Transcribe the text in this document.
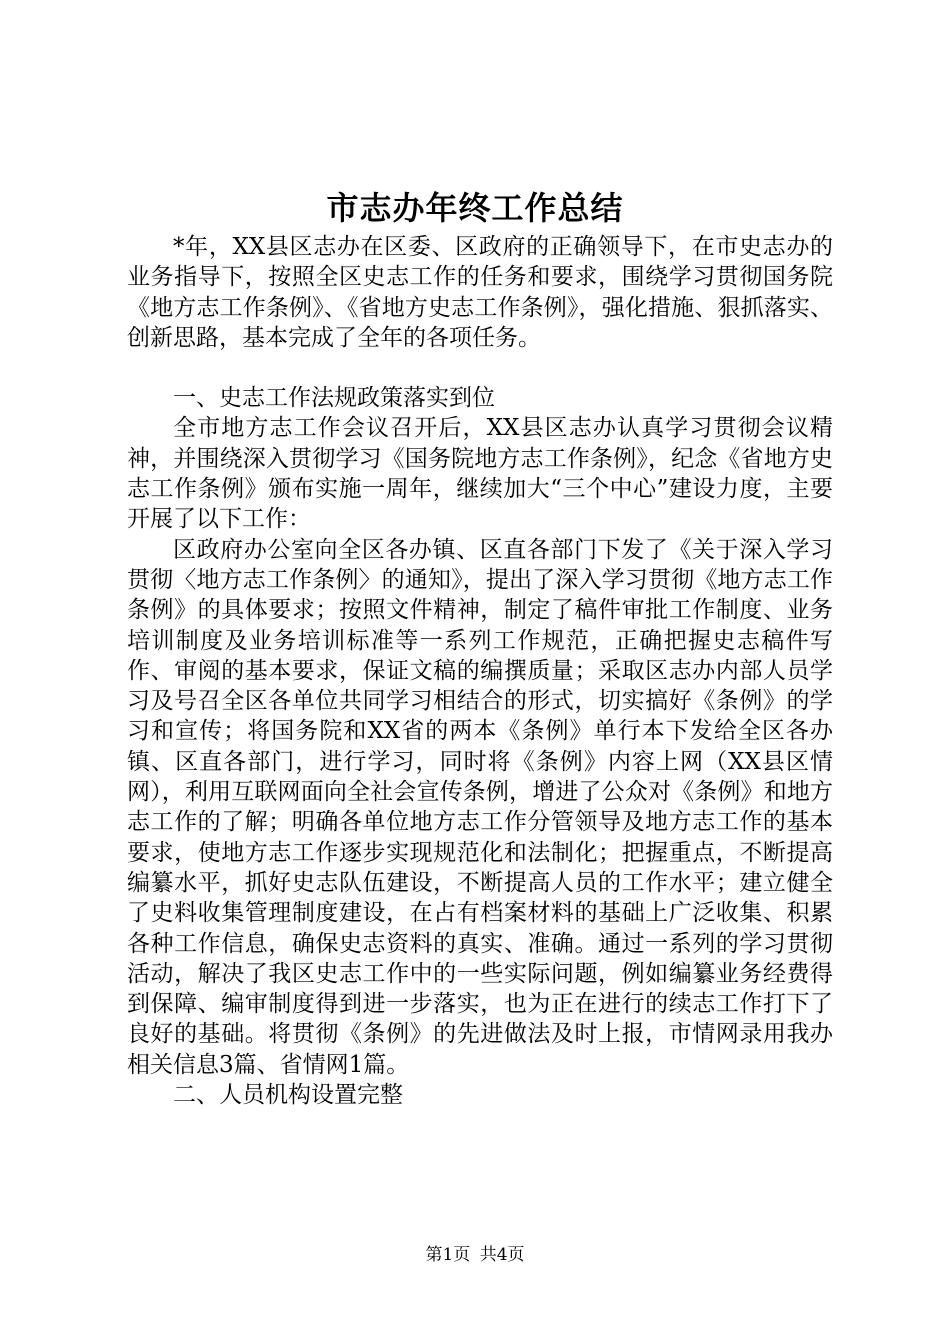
市志办年终工作总结

*年，XX县区志办在区委、区政府的正确领导下，在市史志办的业务指导下，按照全区史志工作的任务和要求，围绕学习贯彻国务院《地方志工作条例》、《省地方史志工作条例》，强化措施、狠抓落实、创新思路，基本完成了全年的各项任务。

一、史志工作法规政策落实到位

全市地方志工作会议召开后，XX县区志办认真学习贯彻会议精神，并围绕深入贯彻学习《国务院地方志工作条例》，纪念《省地方史志工作条例》颁布实施一周年，继续加大“三个中心”建设力度，主要开展了以下工作：

区政府办公室向全区各办镇、区直各部门下发了《关于深入学习贯彻〈地方志工作条例〉的通知》，提出了深入学习贯彻《地方志工作条例》的具体要求；按照文件精神，制定了稿件审批工作制度、业务培训制度及业务培训标准等一系列工作规范，正确把握史志稿件写作、审阅的基本要求，保证文稿的编撰质量；采取区志办内部人员学习及号召全区各单位共同学习相结合的形式，切实搞好《条例》的学习和宣传；将国务院和XX省的两本《条例》单行本下发给全区各办镇、区直各部门，进行学习，同时将《条例》内容上网（XX县区情网），利用互联网面向全社会宣传条例，增进了公众对《条例》和地方志工作的了解；明确各单位地方志工作分管领导及地方志工作的基本要求，使地方志工作逐步实现规范化和法制化；把握重点，不断提高编纂水平，抓好史志队伍建设，不断提高人员的工作水平；建立健全了史料收集管理制度建设，在占有档案材料的基础上广泛收集、积累各种工作信息，确保史志资料的真实、准确。通过一系列的学习贯彻活动，解决了我区史志工作中的一些实际问题，例如编纂业务经费得到保障、编审制度得到进一步落实，也为正在进行的续志工作打下了良好的基础。将贯彻《条例》的先进做法及时上报，市情网录用我办相关信息3篇、省情网1篇。

二、人员机构设置完整

第1页 共4页
